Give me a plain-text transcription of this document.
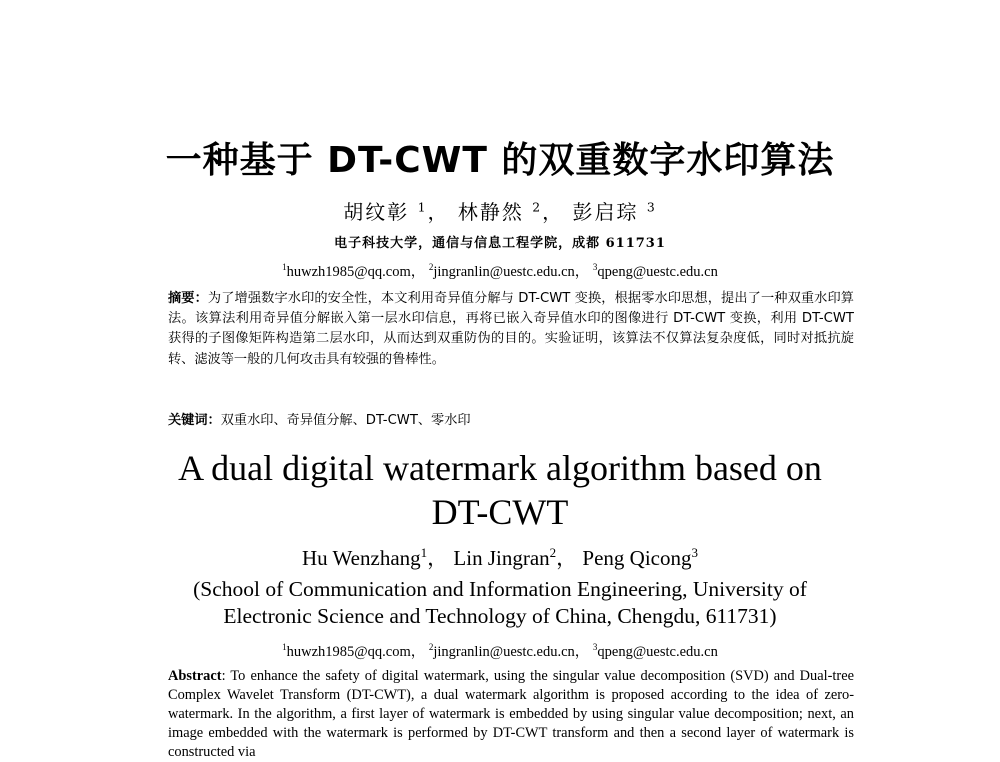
一种基于 DT-CWT 的双重数字水印算法
胡纹彰 $^1$， 林静然 $^2$， 彭启琮 $^3$
电子科技大学，通信与信息工程学院，成都 611731
$^1$huwzh1985@qq.com， $^2$jingranlin@uestc.edu.cn， $^3$qpeng@uestc.edu.cn
摘要：为了增强数字水印的安全性，本文利用奇异值分解与 DT-CWT 变换，根据零水印思想，提出了一种双重水印算法。该算法利用奇异值分解嵌入第一层水印信息，再将已嵌入奇异值水印的图像进行 DT-CWT 变换，利用 DT-CWT 获得的子图像矩阵构造第二层水印，从而达到双重防伪的目的。实验证明，该算法不仅算法复杂度低，同时对抵抗旋转、滤波等一般的几何攻击具有较强的鲁棒性。
关键词：双重水印、奇异值分解、DT-CWT、零水印
A dual digital watermark algorithm based on
DT-CWT
Hu Wenzhang$^1$， Lin Jingran$^2$， Peng Qicong$^3$
(School of Communication and Information Engineering, University of
Electronic Science and Technology of China, Chengdu, 611731)
$^1$huwzh1985@qq.com， $^2$jingranlin@uestc.edu.cn， $^3$qpeng@uestc.edu.cn
Abstract: To enhance the safety of digital watermark, using the singular value decomposition (SVD) and Dual-tree Complex Wavelet Transform (DT-CWT), a dual watermark algorithm is proposed according to the idea of zero-watermark. In the algorithm, a first layer of watermark is embedded by using singular value decomposition; next, an image embedded with the watermark is performed by DT-CWT transform and then a second layer of watermark is constructed via
